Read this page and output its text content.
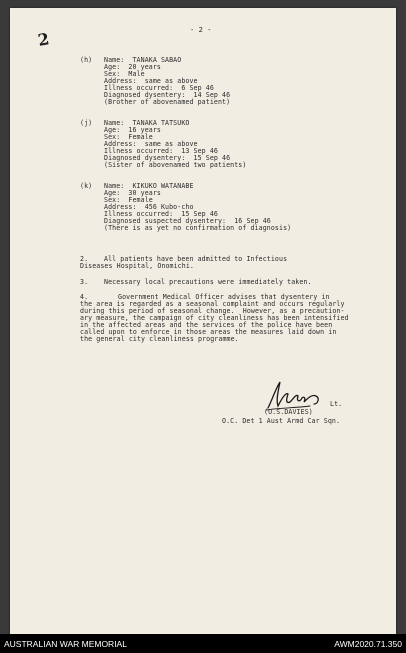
- 2 -
2
(h) Name:  TANAKA SABAO
Age:  20 years
Sex:  Male
Address:  same as above
Illness occurred:  6 Sep 46
Diagnosed dysentery:  14 Sep 46
(Brother of abovenamed patient)
(j) Name:  TANAKA TATSUKO
Age:  16 years
Sex:  Female
Address:  same as above
Illness occurred:  13 Sep 46
Diagnosed dysentery:  15 Sep 46
(Sister of abovenamed two patients)
(k) Name:  KIKUKO WATANABE
Age:  30 years
Sex:  Female
Address:  456 Kubo-cho
Illness occurred:  15 Sep 46
Diagnosed suspected dysentery:  16 Sep 46
(There is as yet no confirmation of diagnosis)
2. All patients have been admitted to Infectious
Diseases Hospital, Onomichi.
3. Necessary local precautions were immediately taken.
4.	Government Medical Officer advises that dysentery in
the area is regarded as a seasonal complaint and occurs regularly
during this period of seasonal change.  However, as a precaution-
ary measure, the campaign of city cleanliness has been intensified
in the affected areas and the services of the police have been
called upon to enforce in those areas the measures laid down in
the general city cleanliness programme.
Lt.
(O.S.DAVIES)
O.C. Det 1 Aust Armd Car Sqn.
AUSTRALIAN WAR MEMORIAL	AWM2020.71.350
